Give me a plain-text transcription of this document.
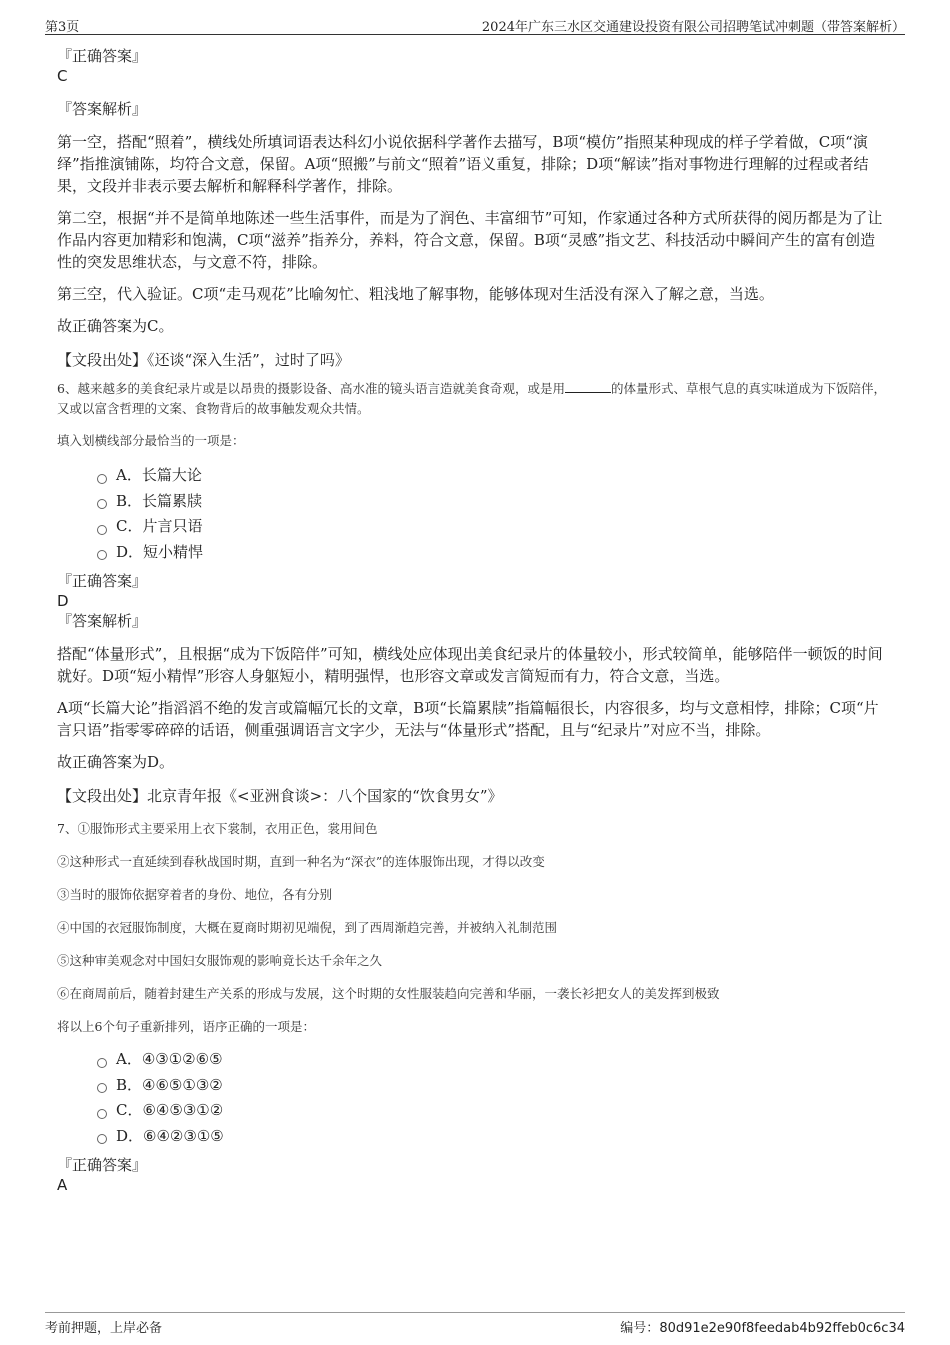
第3页	2024年广东三水区交通建设投资有限公司招聘笔试冲刺题（带答案解析）

『正确答案』

C

『答案解析』

第一空，搭配“照着”，横线处所填词语表达科幻小说依据科学著作去描写，B项“模仿”指照某种现成的样子学着做，C项“演绎”指推演铺陈，均符合文意，保留。A项“照搬”与前文“照着”语义重复，排除；D项“解读”指对事物进行理解的过程或者结果，文段并非表示要去解析和解释科学著作，排除。

第二空，根据“并不是简单地陈述一些生活事件，而是为了润色、丰富细节”可知，作家通过各种方式所获得的阅历都是为了让作品内容更加精彩和饱满，C项“滋养”指养分，养料，符合文意，保留。B项“灵感”指文艺、科技活动中瞬间产生的富有创造性的突发思维状态，与文意不符，排除。

第三空，代入验证。C项“走马观花”比喻匆忙、粗浅地了解事物，能够体现对生活没有深入了解之意，当选。

故正确答案为C。

【文段出处】《还谈“深入生活”，过时了吗》

6、越来越多的美食纪录片或是以昂贵的摄影设备、高水准的镜头语言造就美食奇观，或是用	的体量形式、草根气息的真实味道成为下饭陪伴，又或以富含哲理的文案、食物背后的故事触发观众共情。

填入划横线部分最恰当的一项是：

A． 长篇大论
B． 长篇累牍
C． 片言只语
D． 短小精悍

『正确答案』

D

『答案解析』

搭配“体量形式”，且根据“成为下饭陪伴”可知，横线处应体现出美食纪录片的体量较小，形式较简单，能够陪伴一顿饭的时间就好。D项“短小精悍”形容人身躯短小，精明强悍，也形容文章或发言简短而有力，符合文意，当选。

A项“长篇大论”指滔滔不绝的发言或篇幅冗长的文章，B项“长篇累牍”指篇幅很长，内容很多，均与文意相悖，排除；C项“片言只语”指零零碎碎的话语，侧重强调语言文字少，无法与“体量形式”搭配，且与“纪录片”对应不当，排除。

故正确答案为D。

【文段出处】北京青年报《<亚洲食谈>：八个国家的“饮食男女”》

7、①服饰形式主要采用上衣下裳制，衣用正色，裳用间色

②这种形式一直延续到春秋战国时期，直到一种名为“深衣”的连体服饰出现，才得以改变

③当时的服饰依据穿着者的身份、地位，各有分别

④中国的衣冠服饰制度，大概在夏商时期初见端倪，到了西周渐趋完善，并被纳入礼制范围

⑤这种审美观念对中国妇女服饰观的影响竟长达千余年之久

⑥在商周前后，随着封建生产关系的形成与发展，这个时期的女性服装趋向完善和华丽，一袭长衫把女人的美发挥到极致

将以上6个句子重新排列，语序正确的一项是：

A． ④③①②⑥⑤
B． ④⑥⑤①③②
C． ⑥④⑤③①②
D． ⑥④②③①⑤

『正确答案』

A

考前押题，上岸必备	编号：80d91e2e90f8feedab4b92ffeb0c6c34
